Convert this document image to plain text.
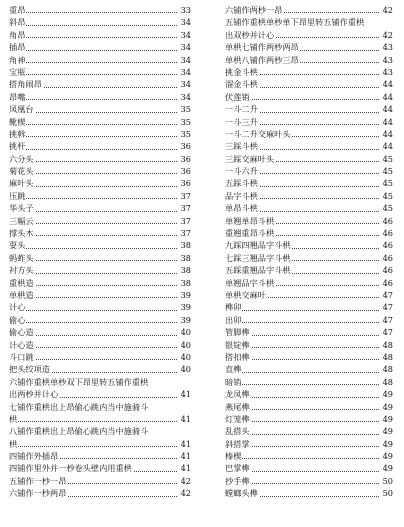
重昂	33
斜昂	34
角昂	34
插昂	34
角神	34
宝瓶	34
搭角闹昂	34
昂嘴	34
凤凰台	35
靴楔	35
挑斡	35
挑杆	36
六分头	36
菊花头	36
麻叶头	36
压跳	37
华头子	37
三幅云	37
撑头木	37
耍头	38
蚂蚱头	38
衬方头	38
重栱造	38
单栱造	39
计心	39
偷心	39
偷心造	40
计心造	40
斗口跳	40
把头绞项造	40
六铺作重栱单杪双下昂里转五铺作重栱
出两杪并计心	41
七铺作重栱出上昂偷心跳内当中施骑斗
栱	41
八铺作重栱出上昂偷心跳内当中施骑斗
栱	41
四铺作外插昂	41
四铺作里外并一杪卷头壁内用重栱	41
五铺作一杪一昂	42
六铺作一杪两昂	42
六铺作两杪一昂	42
五铺作重栱单杪单下昂里转五铺作重栱
出双杪并计心	42
单栱七铺作两杪两昂	43
单栱八铺作两杪三昂	43
挑金斗栱	43
溜金斗栱	44
伏莲销	44
一斗二升	44
一斗三升	44
一斗二升交麻叶头	44
三踩斗栱	44
三踩交麻叶头	45
一斗六升	45
五踩斗栱	45
品字斗栱	45
单昂斗栱	45
单翘单昂斗栱	46
重翘重昂斗栱	46
九踩四翘品字斗栱	46
七踩三翘品字斗栱	46
五踩重翘品字斗栱	46
单翘品字斗栱	46
单栱交麻叶	47
榫卯	47
出卯	47
管脚榫	47
银锭榫	48
搭扣榫	48
直榫	48
暗销	48
龙凤榫	49
燕尾榫	49
灯笼榫	49
乱搭头	49
斜搭掌	49
榛楔	49
巴掌榫	49
抄手榫	50
螳螂头榫	50
